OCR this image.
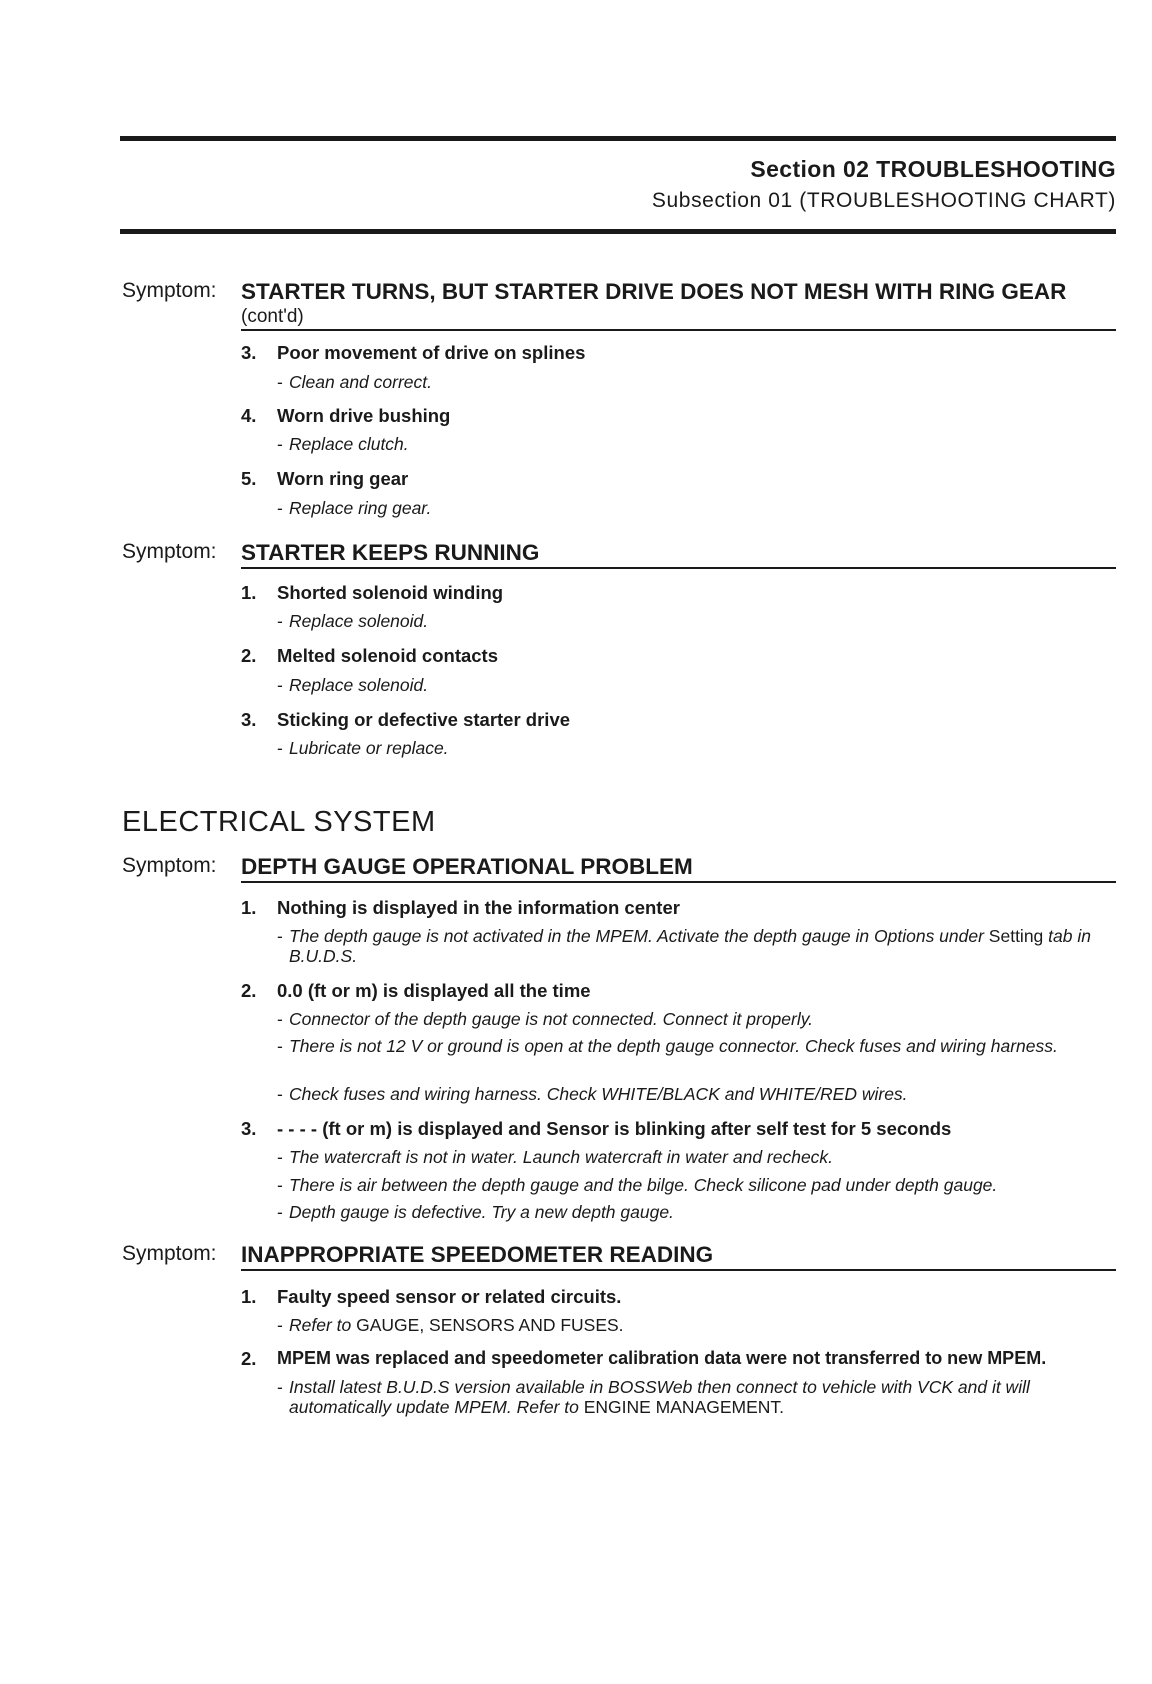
Section 02 TROUBLESHOOTING
Subsection 01 (TROUBLESHOOTING CHART)
Symptom: STARTER TURNS, BUT STARTER DRIVE DOES NOT MESH WITH RING GEAR
(cont'd)
3. Poor movement of drive on splines
- Clean and correct.
4. Worn drive bushing
- Replace clutch.
5. Worn ring gear
- Replace ring gear.
Symptom: STARTER KEEPS RUNNING
1. Shorted solenoid winding
- Replace solenoid.
2. Melted solenoid contacts
- Replace solenoid.
3. Sticking or defective starter drive
- Lubricate or replace.
ELECTRICAL SYSTEM
Symptom: DEPTH GAUGE OPERATIONAL PROBLEM
1. Nothing is displayed in the information center
- The depth gauge is not activated in the MPEM. Activate the depth gauge in Options under Setting tab in B.U.D.S.
2. 0.0 (ft or m) is displayed all the time
- Connector of the depth gauge is not connected. Connect it properly.
- There is not 12 V or ground is open at the depth gauge connector. Check fuses and wiring harness.
- Check fuses and wiring harness. Check WHITE/BLACK and WHITE/RED wires.
3. - - - - (ft or m) is displayed and Sensor is blinking after self test for 5 seconds
- The watercraft is not in water. Launch watercraft in water and recheck.
- There is air between the depth gauge and the bilge. Check silicone pad under depth gauge.
- Depth gauge is defective. Try a new depth gauge.
Symptom: INAPPROPRIATE SPEEDOMETER READING
1. Faulty speed sensor or related circuits.
- Refer to GAUGE, SENSORS AND FUSES.
2. MPEM was replaced and speedometer calibration data were not transferred to new MPEM.
- Install latest B.U.D.S version available in BOSSWeb then connect to vehicle with VCK and it will automatically update MPEM. Refer to ENGINE MANAGEMENT.
